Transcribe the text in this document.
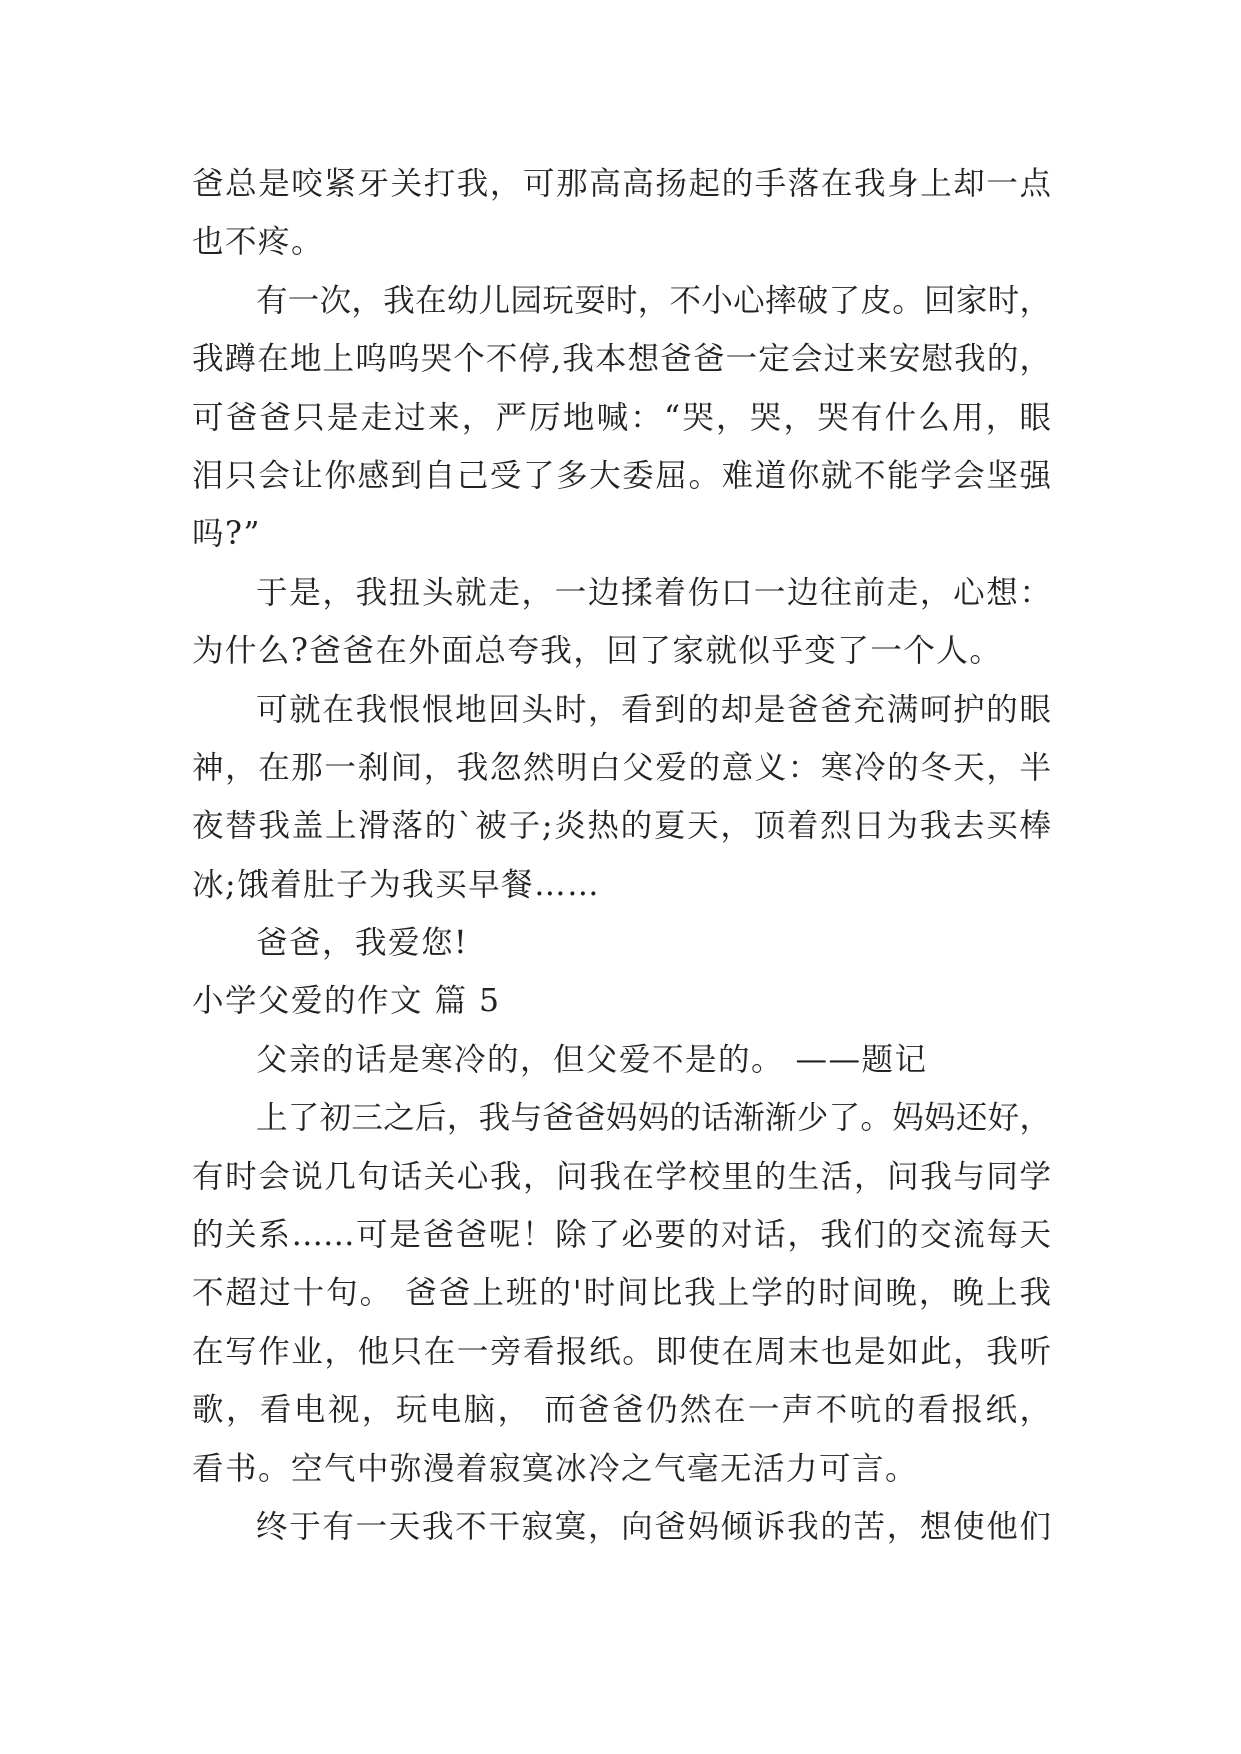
爸总是咬紧牙关打我，可那高高扬起的手落在我身上却一点
也不疼。
有一次，我在幼儿园玩耍时，不小心摔破了皮。回家时，
我蹲在地上呜呜哭个不停,我本想爸爸一定会过来安慰我的，
可爸爸只是走过来，严厉地喊：“哭，哭，哭有什么用，眼
泪只会让你感到自己受了多大委屈。难道你就不能学会坚强
吗?”
于是，我扭头就走，一边揉着伤口一边往前走，心想：
为什么?爸爸在外面总夸我，回了家就似乎变了一个人。
可就在我恨恨地回头时，看到的却是爸爸充满呵护的眼
神，在那一刹间，我忽然明白父爱的意义：寒冷的冬天，半
夜替我盖上滑落的`被子;炎热的夏天，顶着烈日为我去买棒
冰;饿着肚子为我买早餐……
爸爸，我爱您!
小学父爱的作文 篇 5
父亲的话是寒冷的，但父爱不是的。 ——题记
上了初三之后，我与爸爸妈妈的话渐渐少了。妈妈还好，
有时会说几句话关心我，问我在学校里的生活，问我与同学
的关系……可是爸爸呢！除了必要的对话，我们的交流每天
不超过十句。 爸爸上班的'时间比我上学的时间晚，晚上我
在写作业，他只在一旁看报纸。即使在周末也是如此，我听
歌，看电视，玩电脑， 而爸爸仍然在一声不吭的看报纸，
看书。空气中弥漫着寂寞冰冷之气毫无活力可言。
终于有一天我不干寂寞，向爸妈倾诉我的苦，想使他们
